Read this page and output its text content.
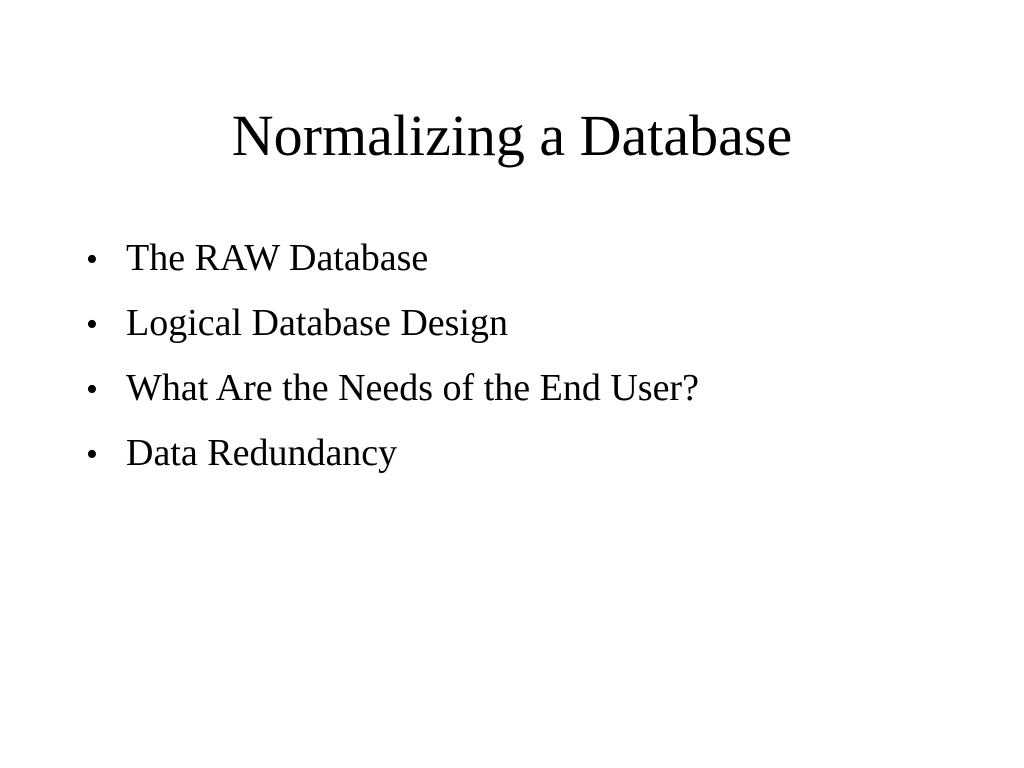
Normalizing a Database
• The RAW Database
• Logical Database Design
• What Are the Needs of the End User?
• Data Redundancy
